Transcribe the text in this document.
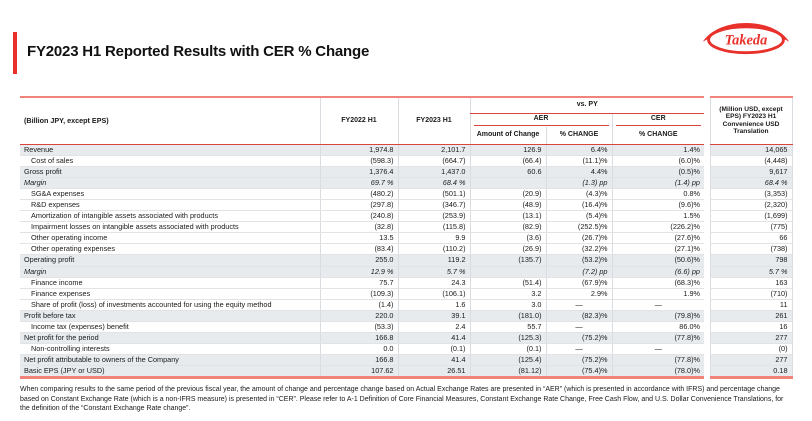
FY2023 H1 Reported Results with CER % Change
Takeda
(Billion JPY, except EPS)	FY2022 H1	FY2023 H1	vs. PY				(Million USD, except EPS) FY2023 H1 Convenience USD Translation

			AER		CER		

			Amount of Change	% CHANGE	% CHANGE		
Revenue	1,974.8	2,101.7	126.9	6.4%	1.4%		14,065
Cost of sales	(598.3)	(664.7)	(66.4)	(11.1)%	(6.0)%		(4,448)
Gross profit	1,376.4	1,437.0	60.6	4.4%	(0.5)%		9,617
Margin	69.7 %	68.4 %		(1.3) pp	(1.4) pp		68.4 %
SG&A expenses	(480.2)	(501.1)	(20.9)	(4.3)%	0.8%		(3,353)
R&D expenses	(297.8)	(346.7)	(48.9)	(16.4)%	(9.6)%		(2,320)
Amortization of intangible assets associated with products	(240.8)	(253.9)	(13.1)	(5.4)%	1.5%		(1,699)
Impairment losses on intangible assets associated with products	(32.8)	(115.8)	(82.9)	(252.5)%	(226.2)%		(775)
Other operating income	13.5	9.9	(3.6)	(26.7)%	(27.6)%		66
Other operating expenses	(83.4)	(110.2)	(26.9)	(32.2)%	(27.1)%		(738)
Operating profit	255.0	119.2	(135.7)	(53.2)%	(50.6)%		798
Margin	12.9 %	5.7 %		(7.2) pp	(6.6) pp		5.7 %
Finance income	75.7	24.3	(51.4)	(67.9)%	(68.3)%		163
Finance expenses	(109.3)	(106.1)	3.2	2.9%	1.9%		(710)
Share of profit (loss) of investments accounted for using the equity method	(1.4)	1.6	3.0	—	—		11
Profit before tax	220.0	39.1	(181.0)	(82.3)%	(79.8)%		261
Income tax (expenses) benefit	(53.3)	2.4	55.7	—	86.0%		16
Net profit for the period	166.8	41.4	(125.3)	(75.2)%	(77.8)%		277
Non-controlling interests	0.0	(0.1)	(0.1)	—	—		(0)
Net profit attributable to owners of the Company	166.8	41.4	(125.4)	(75.2)%	(77.8)%		277
Basic EPS (JPY or USD)	107.62	26.51	(81.12)	(75.4)%	(78.0)%		0.18
When comparing results to the same period of the previous fiscal year, the amount of change and percentage change based on Actual Exchange Rates are presented in “AER” (which is presented in accordance with IFRS) and percentage change based on Constant Exchange Rate (which is a non-IFRS measure) is presented in “CER”. Please refer to A-1 Definition of Core Financial Measures, Constant Exchange Rate Change, Free Cash Flow, and U.S. Dollar Convenience Translations, for the definition of the “Constant Exchange Rate change”.
